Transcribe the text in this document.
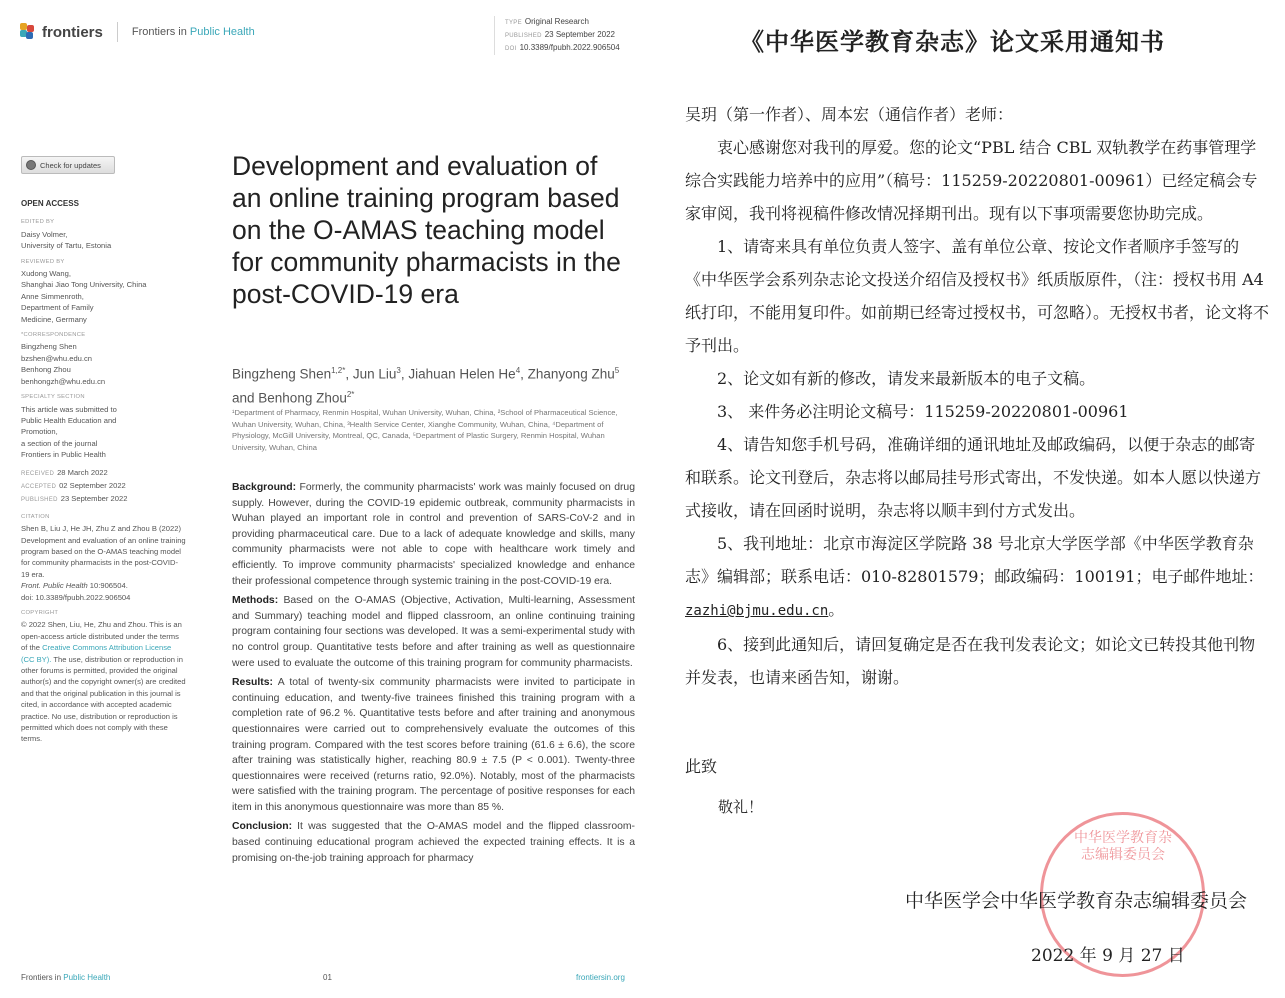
frontiers	Frontiers in Public Health
TYPE Original Research
PUBLISHED 23 September 2022
DOI 10.3389/fpubh.2022.906504
Check for updates
OPEN ACCESS
EDITED BY
Daisy Volmer,
University of Tartu, Estonia
REVIEWED BY
Xudong Wang,
Shanghai Jiao Tong University, China
Anne Simmenroth,
Department of Family
Medicine, Germany
*CORRESPONDENCE
Bingzheng Shen
bzshen@whu.edu.cn
Benhong Zhou
benhongzh@whu.edu.cn
SPECIALTY SECTION
This article was submitted to
Public Health Education and
Promotion,
a section of the journal
Frontiers in Public Health
RECEIVED 28 March 2022
ACCEPTED 02 September 2022
PUBLISHED 23 September 2022
CITATION
Shen B, Liu J, He JH, Zhu Z and Zhou B (2022) Development and evaluation of an online training program based on the O-AMAS teaching model for community pharmacists in the post-COVID-19 era.
Front. Public Health 10:906504.
doi: 10.3389/fpubh.2022.906504
COPYRIGHT
© 2022 Shen, Liu, He, Zhu and Zhou. This is an open-access article distributed under the terms of the Creative Commons Attribution License (CC BY). The use, distribution or reproduction in other forums is permitted, provided the original author(s) and the copyright owner(s) are credited and that the original publication in this journal is cited, in accordance with accepted academic practice. No use, distribution or reproduction is permitted which does not comply with these terms.
Development and evaluation of an online training program based on the O-AMAS teaching model for community pharmacists in the post-COVID-19 era
Bingzheng Shen$^{1,2*}$, Jun Liu$^3$, Jiahuan Helen He$^4$, Zhanyong Zhu$^5$ and Benhong Zhou$^{2*}$
¹Department of Pharmacy, Renmin Hospital, Wuhan University, Wuhan, China, ²School of Pharmaceutical Science, Wuhan University, Wuhan, China, ³Health Service Center, Xianghe Community, Wuhan, China, ⁴Department of Physiology, McGill University, Montreal, QC, Canada, ⁵Department of Plastic Surgery, Renmin Hospital, Wuhan University, Wuhan, China

Background: Formerly, the community pharmacists' work was mainly focused on drug supply. However, during the COVID-19 epidemic outbreak, community pharmacists in Wuhan played an important role in control and prevention of SARS-CoV-2 and in providing pharmaceutical care. Due to a lack of adequate knowledge and skills, many community pharmacists were not able to cope with healthcare work timely and efficiently. To improve community pharmacists' specialized knowledge and enhance their professional competence through systemic training in the post-COVID-19 era.

Methods: Based on the O-AMAS (Objective, Activation, Multi-learning, Assessment and Summary) teaching model and flipped classroom, an online continuing training program containing four sections was developed. It was a semi-experimental study with no control group. Quantitative tests before and after training as well as questionnaire were used to evaluate the outcome of this training program for community pharmacists.

Results: A total of twenty-six community pharmacists were invited to participate in continuing education, and twenty-five trainees finished this training program with a completion rate of 96.2 %. Quantitative tests before and after training and anonymous questionnaires were carried out to comprehensively evaluate the outcomes of this training program. Compared with the test scores before training (61.6 ± 6.6), the score after training was statistically higher, reaching 80.9 ± 7.5 (P < 0.001). Twenty-three questionnaires were received (returns ratio, 92.0%). Notably, most of the pharmacists were satisfied with the training program. The percentage of positive responses for each item in this anonymous questionnaire was more than 85 %.

Conclusion: It was suggested that the O-AMAS model and the flipped classroom-based continuing educational program achieved the expected training effects. It is a promising on-the-job training approach for pharmacy

Frontiers in Public Health	01	frontiersin.org
《中华医学教育杂志》论文采用通知书

吴玥（第一作者）、周本宏（通信作者）老师：

衷心感谢您对我刊的厚爱。您的论文“PBL 结合 CBL 双轨教学在药事管理学综合实践能力培养中的应用”（稿号：115259-20220801-00961）已经定稿会专家审阅，我刊将视稿件修改情况择期刊出。现有以下事项需要您协助完成。

1、请寄来具有单位负责人签字、盖有单位公章、按论文作者顺序手签写的《中华医学会系列杂志论文投送介绍信及授权书》纸质版原件，（注：授权书用 A4 纸打印，不能用复印件。如前期已经寄过授权书，可忽略）。无授权书者，论文将不予刊出。

2、论文如有新的修改，请发来最新版本的电子文稿。

3、 来件务必注明论文稿号：115259-20220801-00961

4、请告知您手机号码，准确详细的通讯地址及邮政编码，以便于杂志的邮寄和联系。论文刊登后，杂志将以邮局挂号形式寄出，不发快递。如本人愿以快递方式接收，请在回函时说明，杂志将以顺丰到付方式发出。

5、我刊地址：北京市海淀区学院路 38 号北京大学医学部《中华医学教育杂志》编辑部；联系电话：010-82801579；邮政编码：100191；电子邮件地址：zazhi@bjmu.edu.cn。

6、接到此通知后，请回复确定是否在我刊发表论文；如论文已转投其他刊物并发表，也请来函告知，谢谢。

此致
敬礼！
中华医学教育杂志编辑委员会
中华医学会中华医学教育杂志编辑委员会
2022 年 9 月 27 日
